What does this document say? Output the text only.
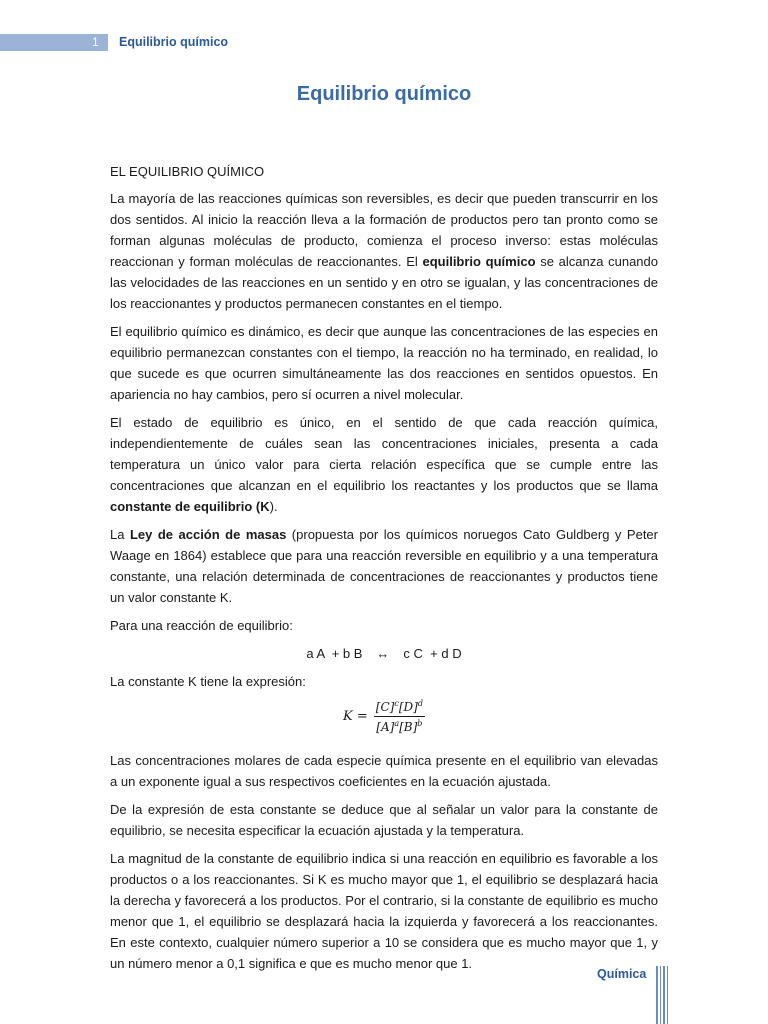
1 Equilibrio químico
Equilibrio químico
EL EQUILIBRIO QUÍMICO

La mayoría de las reacciones químicas son reversibles, es decir que pueden transcurrir en los dos sentidos. Al inicio la reacción lleva a la formación de productos pero tan pronto como se forman algunas moléculas de producto, comienza el proceso inverso: estas moléculas reaccionan y forman moléculas de reaccionantes. El equilibrio químico se alcanza cunando las velocidades de las reacciones en un sentido y en otro se igualan, y las concentraciones de los reaccionantes y productos permanecen constantes en el tiempo.

El equilibrio químico es dinámico, es decir que aunque las concentraciones de las especies en equilibrio permanezcan constantes con el tiempo, la reacción no ha terminado, en realidad, lo que sucede es que ocurren simultáneamente las dos reacciones en sentidos opuestos. En apariencia no hay cambios, pero sí ocurren a nivel molecular.

El estado de equilibrio es único, en el sentido de que cada reacción química, independientemente de cuáles sean las concentraciones iniciales, presenta a cada temperatura un único valor para cierta relación específica que se cumple entre las concentraciones que alcanzan en el equilibrio los reactantes y los productos que se llama constante de equilibrio (K).

La Ley de acción de masas (propuesta por los químicos noruegos Cato Guldberg y Peter Waage en 1864) establece que para una reacción reversible en equilibrio y a una temperatura constante, una relación determinada de concentraciones de reaccionantes y productos tiene un valor constante K.

Para una reacción de equilibrio:

a A  + b B ↔ c C  + d D

La constante K tiene la expresión:

$K = \frac{[C]^c[D]^d}{[A]^a[B]^b}$

Las concentraciones molares de cada especie química presente en el equilibrio van elevadas a un exponente igual a sus respectivos coeficientes en la ecuación ajustada.

De la expresión de esta constante se deduce que al señalar un valor para la constante de equilibrio, se necesita especificar la ecuación ajustada y la temperatura.

La magnitud de la constante de equilibrio indica si una reacción en equilibrio es favorable a los productos o a los reaccionantes. Si K es mucho mayor que 1, el equilibrio se desplazará hacia la derecha y favorecerá a los productos. Por el contrario, si la constante de equilibrio es mucho menor que 1, el equilibrio se desplazará hacia la izquierda y favorecerá a los reaccionantes. En este contexto, cualquier número superior a 10 se considera que es mucho mayor que 1, y un número menor a 0,1 significa e que es mucho menor que 1.

Química
